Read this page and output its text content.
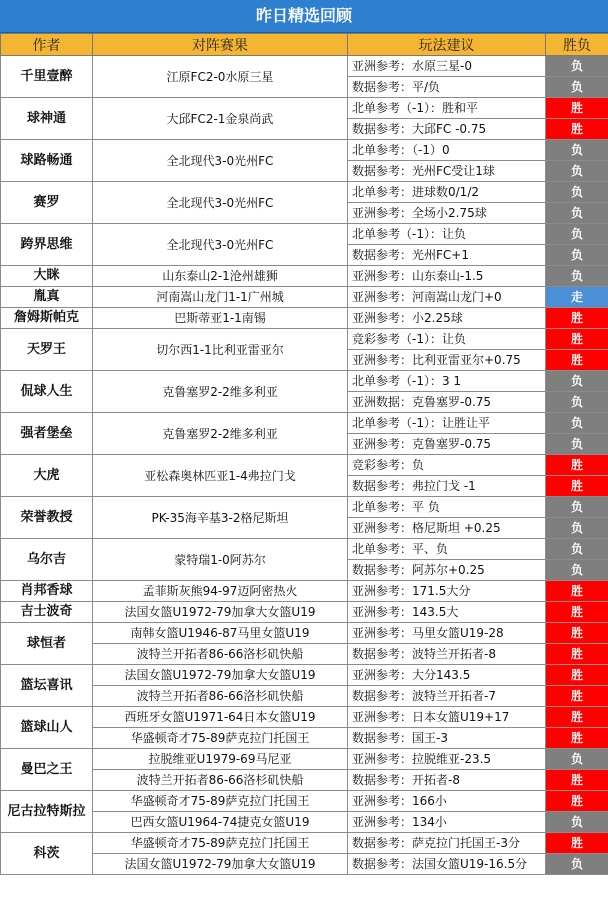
昨日精选回顾
作者	对阵赛果	玩法建议	胜负
千里壹醉	江原FC2-0水原三星	亚洲参考：水原三星-0	负
		数据参考：平/负	负
球神通	大邱FC2-1金泉尚武	北单参考（-1）：胜和平	胜
		数据参考：大邱FC -0.75	胜
球路畅通	全北现代3-0光州FC	北单参考：（-1）0	负
		数据参考：光州FC受让1球	负
赛罗	全北现代3-0光州FC	北单参考：进球数0/1/2	负
		亚洲参考：全场小2.75球	负
跨界思维	全北现代3-0光州FC	北单参考（-1）：让负	负
		数据参考：光州FC+1	负
大眯	山东泰山2-1沧州雄狮	亚洲参考：山东泰山-1.5	负
胤真	河南嵩山龙门1-1广州城	亚洲参考：河南嵩山龙门+0	走
詹姆斯帕克	巴斯蒂亚1-1南锡	亚洲参考：小2.25球	胜
天罗王	切尔西1-1比利亚雷亚尔	竞彩参考（-1）：让负	胜
		亚洲参考：比利亚雷亚尔+0.75	胜
侃球人生	克鲁塞罗2-2维多利亚	北单参考（-1）：3 1	负
		亚洲数据：克鲁塞罗-0.75	负
强者堡垒	克鲁塞罗2-2维多利亚	北单参考（-1）：让胜让平	负
		亚洲参考：克鲁塞罗-0.75	负
大虎	亚松森奥林匹亚1-4弗拉门戈	竞彩参考：负	胜
		数据参考：弗拉门戈 -1	胜
荣誉教授	PK-35海辛基3-2格尼斯坦	北单参考：平 负	负
		亚洲参考：格尼斯坦 +0.25	负
乌尔吉	蒙特瑞1-0阿苏尔	北单参考：平、负	负
		数据参考：阿苏尔+0.25	负
肖邦香球	孟菲斯灰熊94-97迈阿密热火	亚洲参考：171.5大分	胜
吉士波奇	法国女篮U1972-79加拿大女篮U19	亚洲参考：143.5大	胜
球恒者	南韩女篮U1946-87马里女篮U19	亚洲参考：马里女篮U19-28	胜
	波特兰开拓者86-66洛杉矶快船	数据参考：波特兰开拓者-8	胜
篮坛喜讯	法国女篮U1972-79加拿大女篮U19	亚洲参考：大分143.5	胜
	波特兰开拓者86-66洛杉矶快船	数据参考：波特兰开拓者-7	胜
篮球山人	西班牙女篮U1971-64日本女篮U19	亚洲参考：日本女篮U19+17	胜
	华盛顿奇才75-89萨克拉门托国王	数据参考：国王-3	胜
曼巴之王	拉脱维亚U1979-69马尼亚	亚洲参考：拉脱维亚-23.5	负
	波特兰开拓者86-66洛杉矶快船	数据参考：开拓者-8	胜
尼古拉特斯拉	华盛顿奇才75-89萨克拉门托国王	亚洲参考：166小	胜
	巴西女篮U1964-74捷克女篮U19	亚洲参考：134小	负
科茨	华盛顿奇才75-89萨克拉门托国王	数据参考：萨克拉门托国王-3分	胜
	法国女篮U1972-79加拿大女篮U19	数据参考：法国女篮U19-16.5分	负
